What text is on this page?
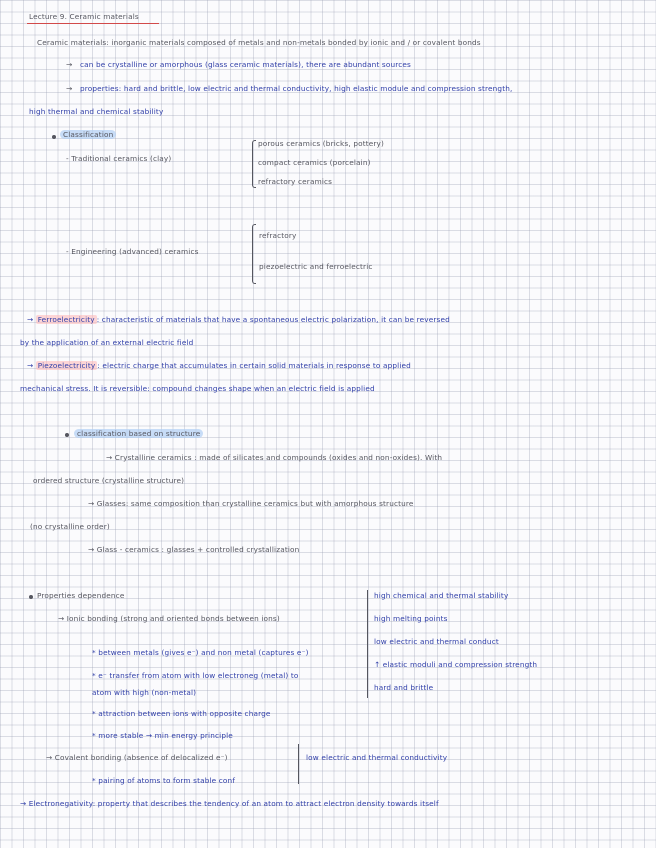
Lecture 9. Ceramic materials
Ceramic materials: inorganic materials composed of metals and non-metals bonded by ionic and / or covalent bonds
→ can be crystalline or amorphous (glass ceramic materials), there are abundant sources
→ properties: hard and brittle, low electric and thermal conductivity, high elastic module and compression strength,
high thermal and chemical stability
Classification
- Traditional ceramics (clay)
porous ceramics (bricks, pottery)
compact ceramics (porcelain)
refractory ceramics
- Engineering (advanced) ceramics
refractory
piezoelectric and ferroelectric
→ Ferroelectricity : characteristic of materials that have a spontaneous electric polarization, it can be reversed
by the application of an external electric field
→ Piezoelectricity : electric charge that accumulates in certain solid materials in response to applied
mechanical stress. It is reversible: compound changes shape when an electric field is applied
classification based on structure
→ Crystalline ceramics : made of silicates and compounds (oxides and non-oxides). With
ordered structure (crystalline structure)
→ Glasses: same composition than crystalline ceramics but with amorphous structure
(no crystalline order)
→ Glass - ceramics : glasses + controlled crystallization
Properties dependence
→ Ionic bonding (strong and oriented bonds between ions)
high chemical and thermal stability
high melting points
low electric and thermal conduct
↑ elastic moduli and compression strength
hard and brittle
* between metals (gives e⁻) and non metal (captures e⁻)
* e⁻ transfer from atom with low electroneg (metal) to
atom with high (non-metal)
* attraction between ions with opposite charge
* more stable → min energy principle
→ Covalent bonding (absence of delocalized e⁻)	low electric and thermal conductivity
* pairing of atoms to form stable conf
→ Electronegativity: property that describes the tendency of an atom to attract electron density towards itself
